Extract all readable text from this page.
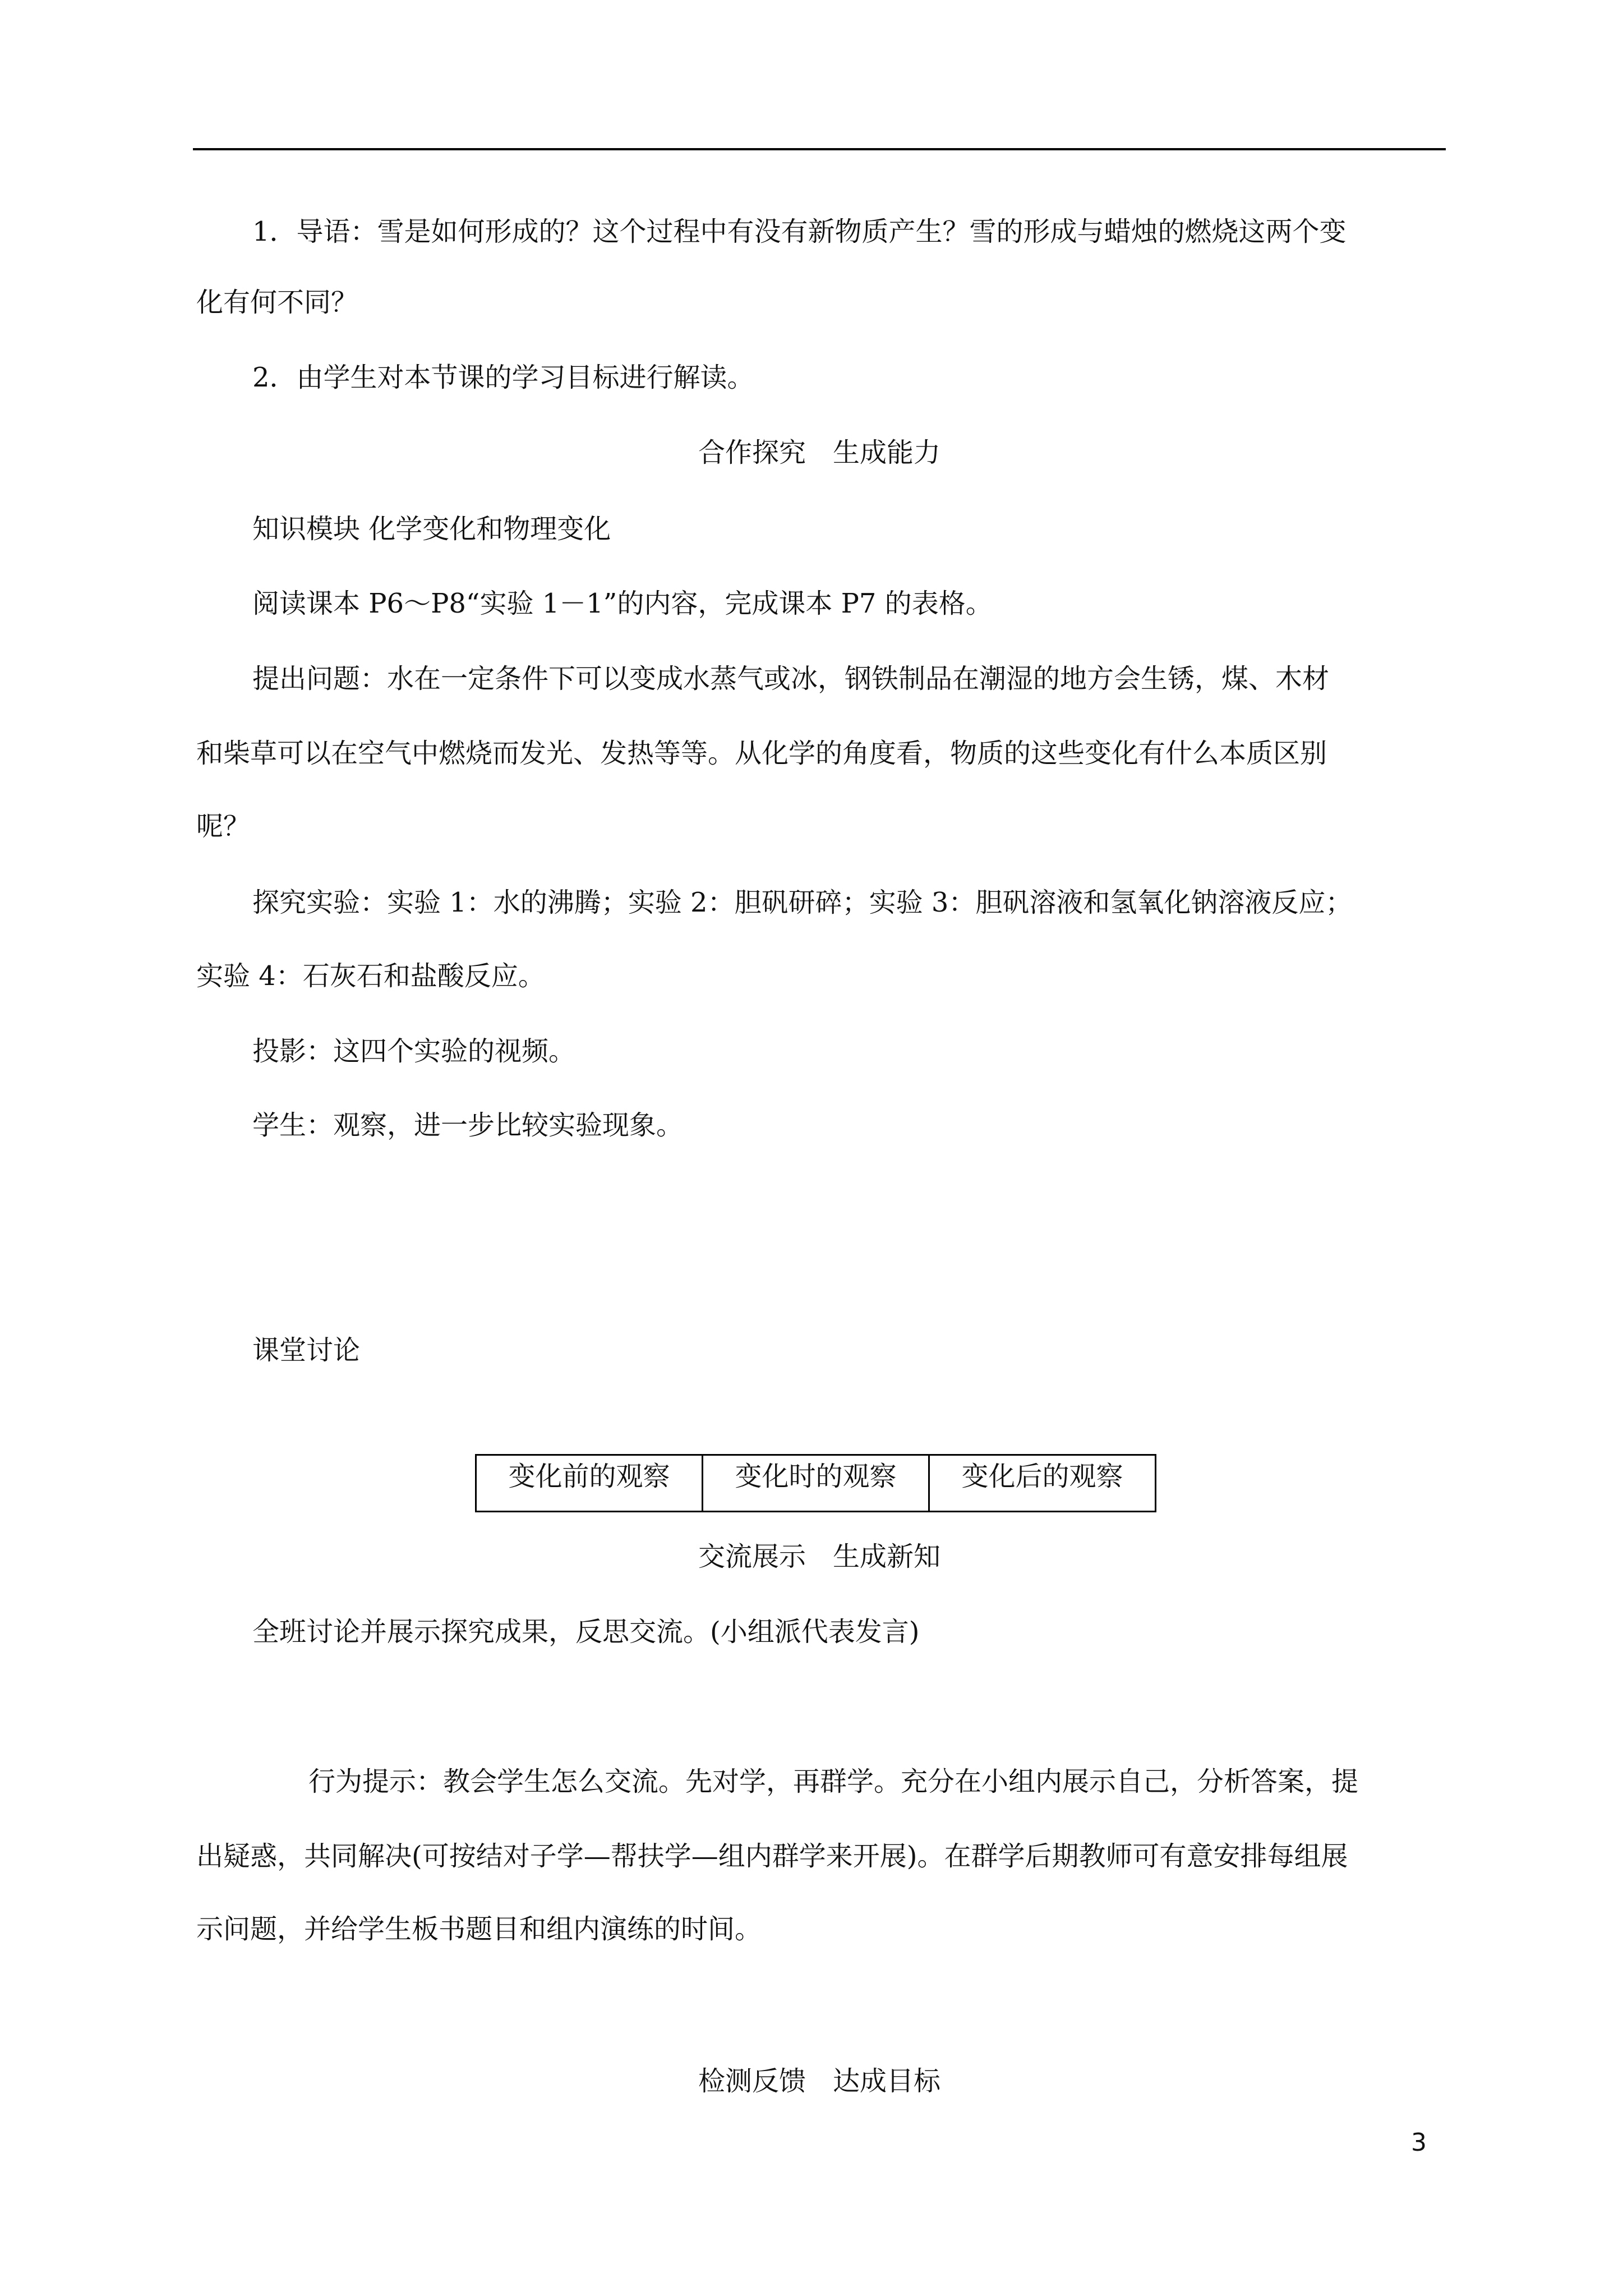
1．导语：雪是如何形成的？这个过程中有没有新物质产生？雪的形成与蜡烛的燃烧这两个变
化有何不同？
2．由学生对本节课的学习目标进行解读。
合作探究　生成能力
知识模块 化学变化和物理变化
阅读课本 P6～P8“实验 1－1”的内容，完成课本 P7 的表格。
提出问题：水在一定条件下可以变成水蒸气或冰，钢铁制品在潮湿的地方会生锈，煤、木材
和柴草可以在空气中燃烧而发光、发热等等。从化学的角度看，物质的这些变化有什么本质区别
呢？
探究实验：实验 1：水的沸腾；实验 2：胆矾研碎；实验 3：胆矾溶液和氢氧化钠溶液反应；
实验 4：石灰石和盐酸反应。
投影：这四个实验的视频。
学生：观察，进一步比较实验现象。
课堂讨论
变化前的观察	变化时的观察	变化后的观察
交流展示　生成新知
全班讨论并展示探究成果，反思交流。(小组派代表发言)
行为提示：教会学生怎么交流。先对学，再群学。充分在小组内展示自己，分析答案，提
出疑惑，共同解决(可按结对子学—帮扶学—组内群学来开展)。在群学后期教师可有意安排每组展
示问题，并给学生板书题目和组内演练的时间。
检测反馈　达成目标
3
